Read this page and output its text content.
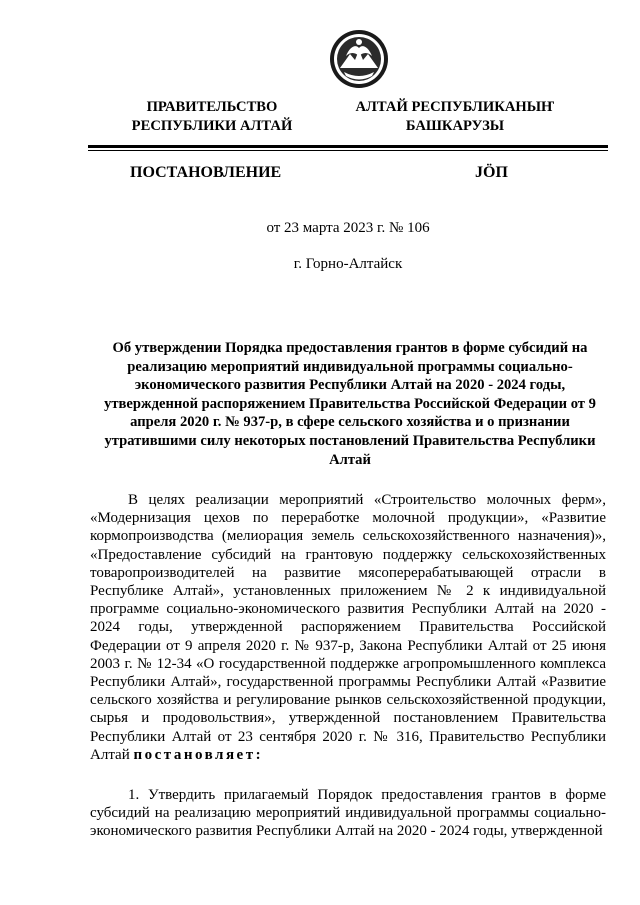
ПРАВИТЕЛЬСТВО
РЕСПУБЛИКИ АЛТАЙ
АЛТАЙ РЕСПУБЛИКАНЫҤ
БАШКАРУЗЫ
ПОСТАНОВЛЕНИЕ	JӦП
от 23 марта 2023 г. № 106
г. Горно-Алтайск

Об утверждении Порядка предоставления грантов в форме субсидий на реализацию мероприятий индивидуальной программы социально-экономического развития Республики Алтай на 2020 - 2024 годы, утвержденной распоряжением Правительства Российской Федерации от 9 апреля 2020 г. № 937-р, в сфере сельского хозяйства и о признании утратившими силу некоторых постановлений Правительства Республики Алтай

В целях реализации мероприятий «Строительство молочных ферм», «Модернизация цехов по переработке молочной продукции», «Развитие кормопроизводства (мелиорация земель сельскохозяйственного назначения)», «Предоставление субсидий на грантовую поддержку сельскохозяйственных товаропроизводителей на развитие мясоперерабатывающей отрасли в Республике Алтай», установленных приложением № 2 к индивидуальной программе социально-экономического развития Республики Алтай на 2020 - 2024 годы, утвержденной распоряжением Правительства Российской Федерации от 9 апреля 2020 г. № 937-р, Закона Республики Алтай от 25 июня 2003 г. № 12-34 «О государственной поддержке агропромышленного комплекса Республики Алтай», государственной программы Республики Алтай «Развитие сельского хозяйства и регулирование рынков сельскохозяйственной продукции, сырья и продовольствия», утвержденной постановлением Правительства Республики Алтай от 23 сентября 2020 г. № 316, Правительство Республики Алтай постановляет:

1. Утвердить прилагаемый Порядок предоставления грантов в форме субсидий на реализацию мероприятий индивидуальной программы социально-экономического развития Республики Алтай на 2020 - 2024 годы, утвержденной
